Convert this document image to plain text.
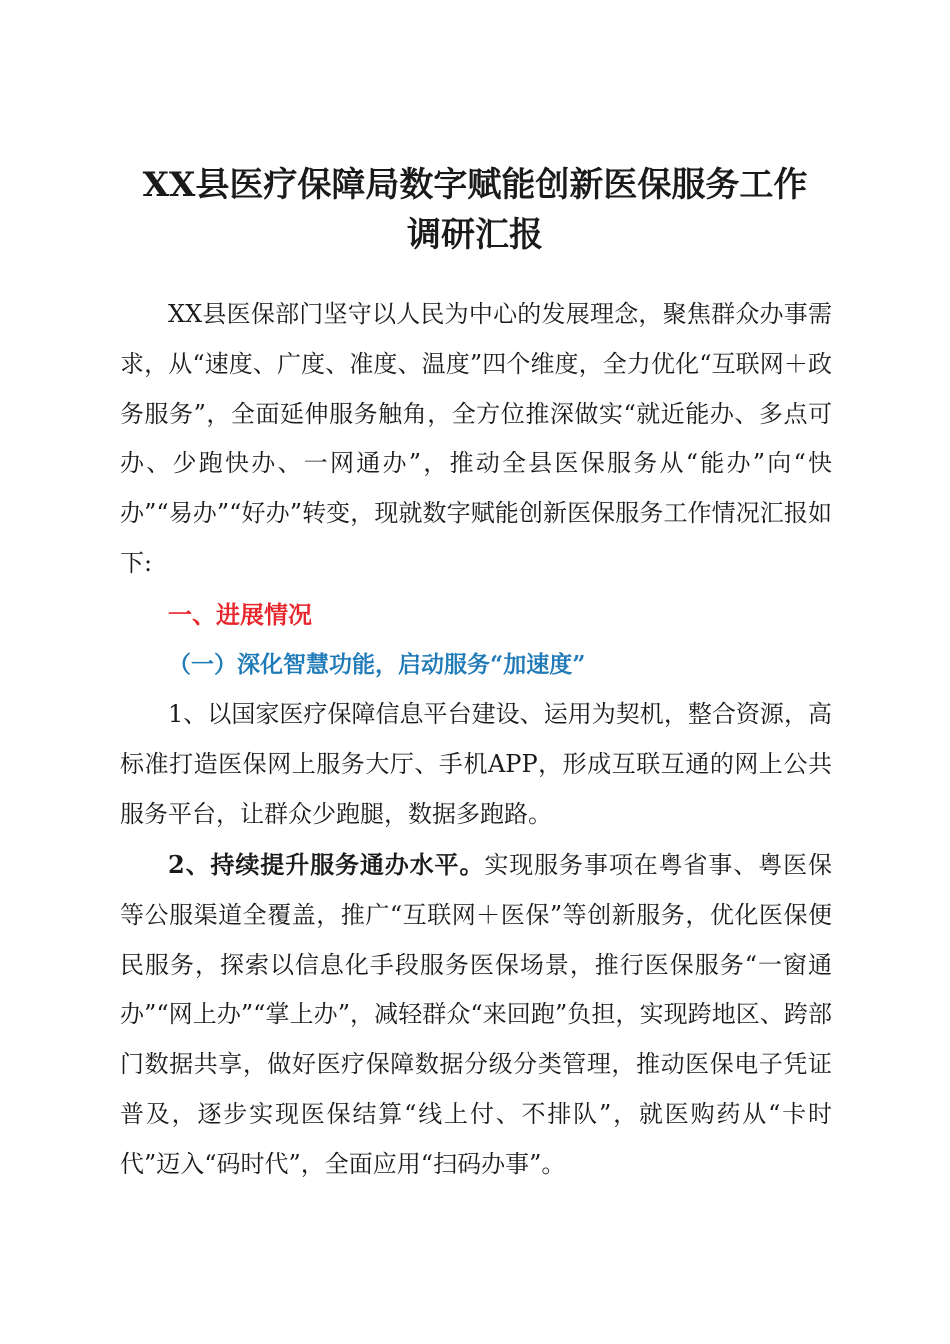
XX县医疗保障局数字赋能创新医保服务工作
调研汇报

XX县医保部门坚守以人民为中心的发展理念，聚焦群众办事需求，从“速度、广度、准度、温度”四个维度，全力优化“互联网＋政务服务”，全面延伸服务触角，全方位推深做实“就近能办、多点可办、少跑快办、一网通办”，推动全县医保服务从“能办”向“快办”“易办”“好办”转变，现就数字赋能创新医保服务工作情况汇报如下:

一、进展情况
（一）深化智慧功能，启动服务“加速度”

1、以国家医疗保障信息平台建设、运用为契机，整合资源，高标准打造医保网上服务大厅、手机APP，形成互联互通的网上公共服务平台，让群众少跑腿，数据多跑路。

2、持续提升服务通办水平。实现服务事项在粤省事、粤医保等公服渠道全覆盖，推广“互联网＋医保”等创新服务，优化医保便民服务，探索以信息化手段服务医保场景，推行医保服务“一窗通办”“网上办”“掌上办”，减轻群众“来回跑”负担，实现跨地区、跨部门数据共享，做好医疗保障数据分级分类管理，推动医保电子凭证普及，逐步实现医保结算“线上付、不排队”，就医购药从“卡时代”迈入“码时代”，全面应用“扫码办事”。
